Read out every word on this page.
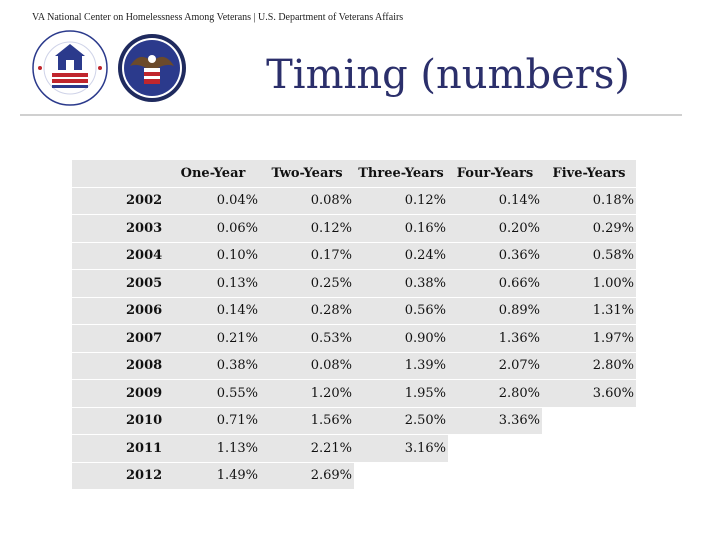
VA National Center on Homelessness Among Veterans | U.S. Department of Veterans Affairs
Timing (numbers)
	One-Year	Two-Years	Three-Years	Four-Years	Five-Years
2002	0.04%	0.08%	0.12%	0.14%	0.18%
2003	0.06%	0.12%	0.16%	0.20%	0.29%
2004	0.10%	0.17%	0.24%	0.36%	0.58%
2005	0.13%	0.25%	0.38%	0.66%	1.00%
2006	0.14%	0.28%	0.56%	0.89%	1.31%
2007	0.21%	0.53%	0.90%	1.36%	1.97%
2008	0.38%	0.08%	1.39%	2.07%	2.80%
2009	0.55%	1.20%	1.95%	2.80%	3.60%
2010	0.71%	1.56%	2.50%	3.36%	
2011	1.13%	2.21%	3.16%		
2012	1.49%	2.69%			
